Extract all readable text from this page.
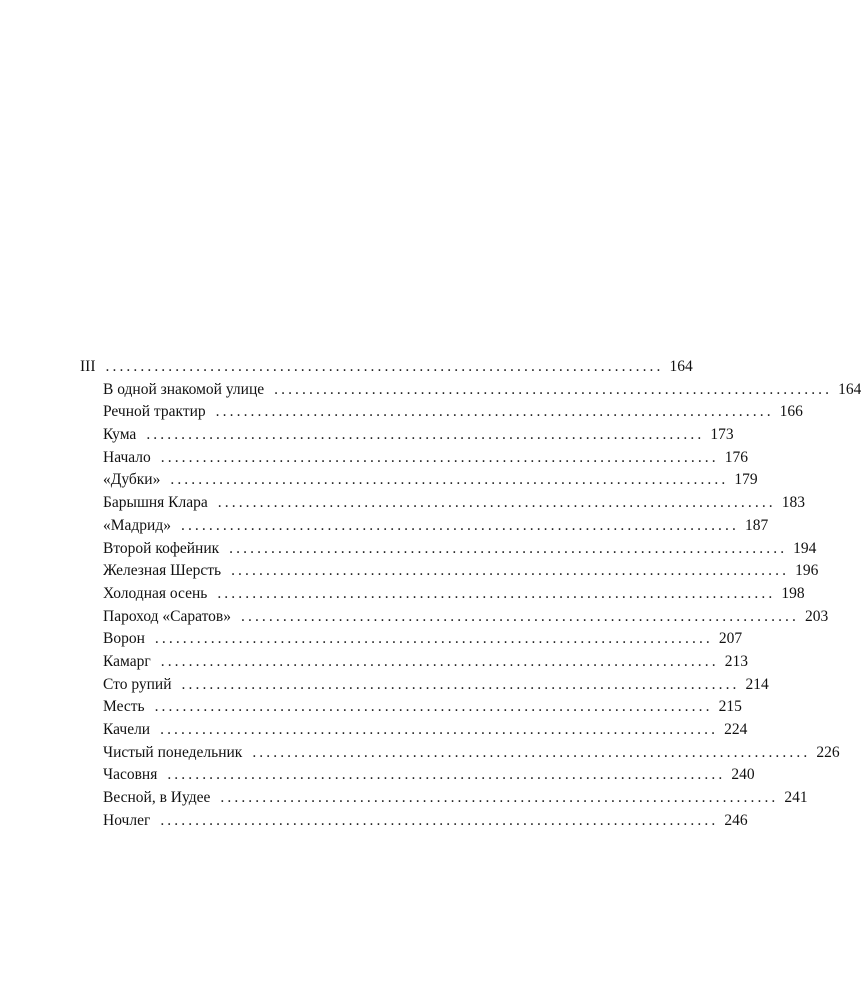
III ................................................................................ 164
В одной знакомой улице ................................................................................ 164
Речной трактир ................................................................................ 166
Кума ................................................................................ 173
Начало ................................................................................ 176
«Дубки» ................................................................................ 179
Барышня Клара ................................................................................ 183
«Мадрид» ................................................................................ 187
Второй кофейник ................................................................................ 194
Железная Шерсть ................................................................................ 196
Холодная осень ................................................................................ 198
Пароход «Саратов» ................................................................................ 203
Ворон ................................................................................ 207
Камарг ................................................................................ 213
Сто рупий ................................................................................ 214
Месть ................................................................................ 215
Качели ................................................................................ 224
Чистый понедельник ................................................................................ 226
Часовня ................................................................................ 240
Весной, в Иудее ................................................................................ 241
Ночлег ................................................................................ 246
